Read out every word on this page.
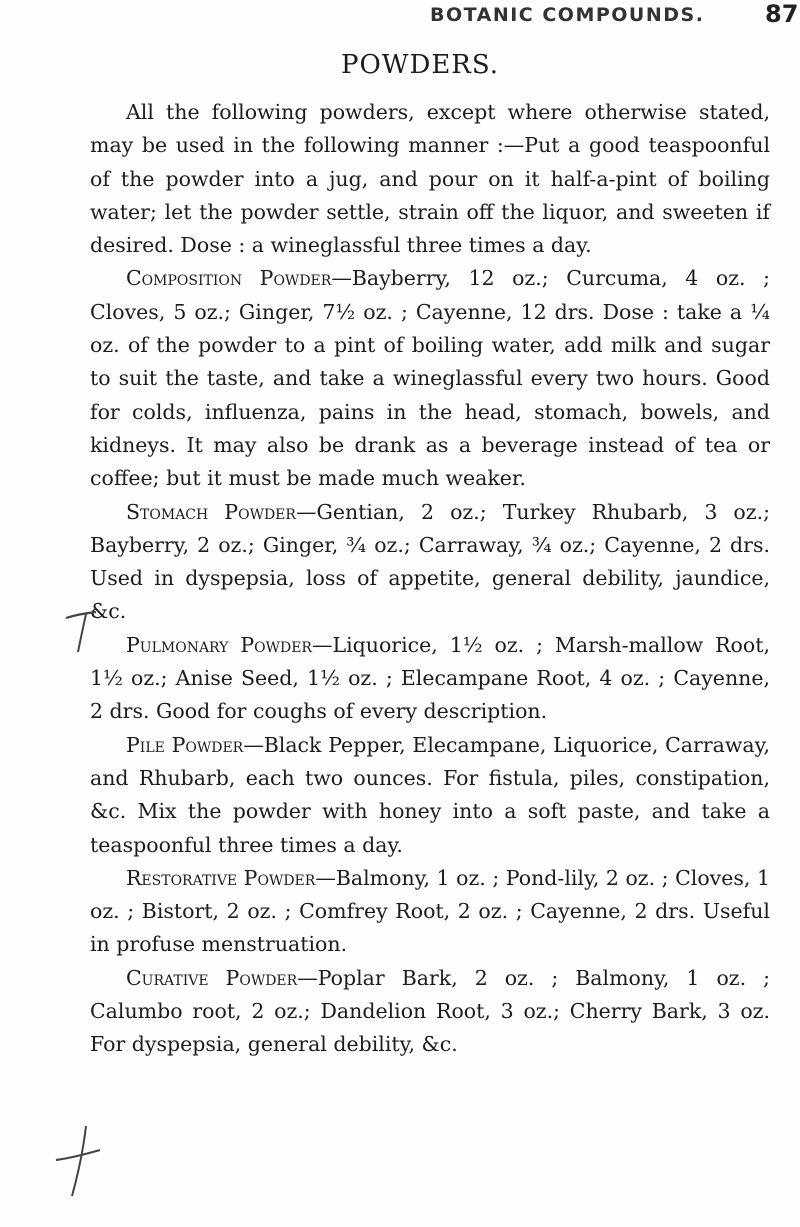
BOTANIC COMPOUNDS.	87
POWDERS.

All the following powders, except where otherwise stated, may be used in the following manner :—Put a good teaspoonful of the powder into a jug, and pour on it half-a-pint of boiling water; let the powder settle, strain off the liquor, and sweeten if desired. Dose : a wineglassful three times a day.

Composition Powder—Bayberry, 12 oz.; Curcuma, 4 oz. ; Cloves, 5 oz.; Ginger, 7½ oz. ; Cayenne, 12 drs. Dose : take a ¼ oz. of the powder to a pint of boiling water, add milk and sugar to suit the taste, and take a wineglassful every two hours. Good for colds, influenza, pains in the head, stomach, bowels, and kidneys. It may also be drank as a beverage instead of tea or coffee; but it must be made much weaker.

Stomach Powder—Gentian, 2 oz.; Turkey Rhubarb, 3 oz.; Bayberry, 2 oz.; Ginger, ¾ oz.; Carraway, ¾ oz.; Cayenne, 2 drs. Used in dyspepsia, loss of appetite, general debility, jaundice, &c.

Pulmonary Powder—Liquorice, 1½ oz. ; Marsh-mallow Root, 1½ oz.; Anise Seed, 1½ oz. ; Elecampane Root, 4 oz. ; Cayenne, 2 drs. Good for coughs of every description.

Pile Powder—Black Pepper, Elecampane, Liquorice, Carraway, and Rhubarb, each two ounces. For fistula, piles, constipation, &c. Mix the powder with honey into a soft paste, and take a teaspoonful three times a day.

Restorative Powder—Balmony, 1 oz. ; Pond-lily, 2 oz. ; Cloves, 1 oz. ; Bistort, 2 oz. ; Comfrey Root, 2 oz. ; Cayenne, 2 drs. Useful in profuse menstruation.

Curative Powder—Poplar Bark, 2 oz. ; Balmony, 1 oz. ; Calumbo root, 2 oz.; Dandelion Root, 3 oz.; Cherry Bark, 3 oz. For dyspepsia, general debility, &c.
